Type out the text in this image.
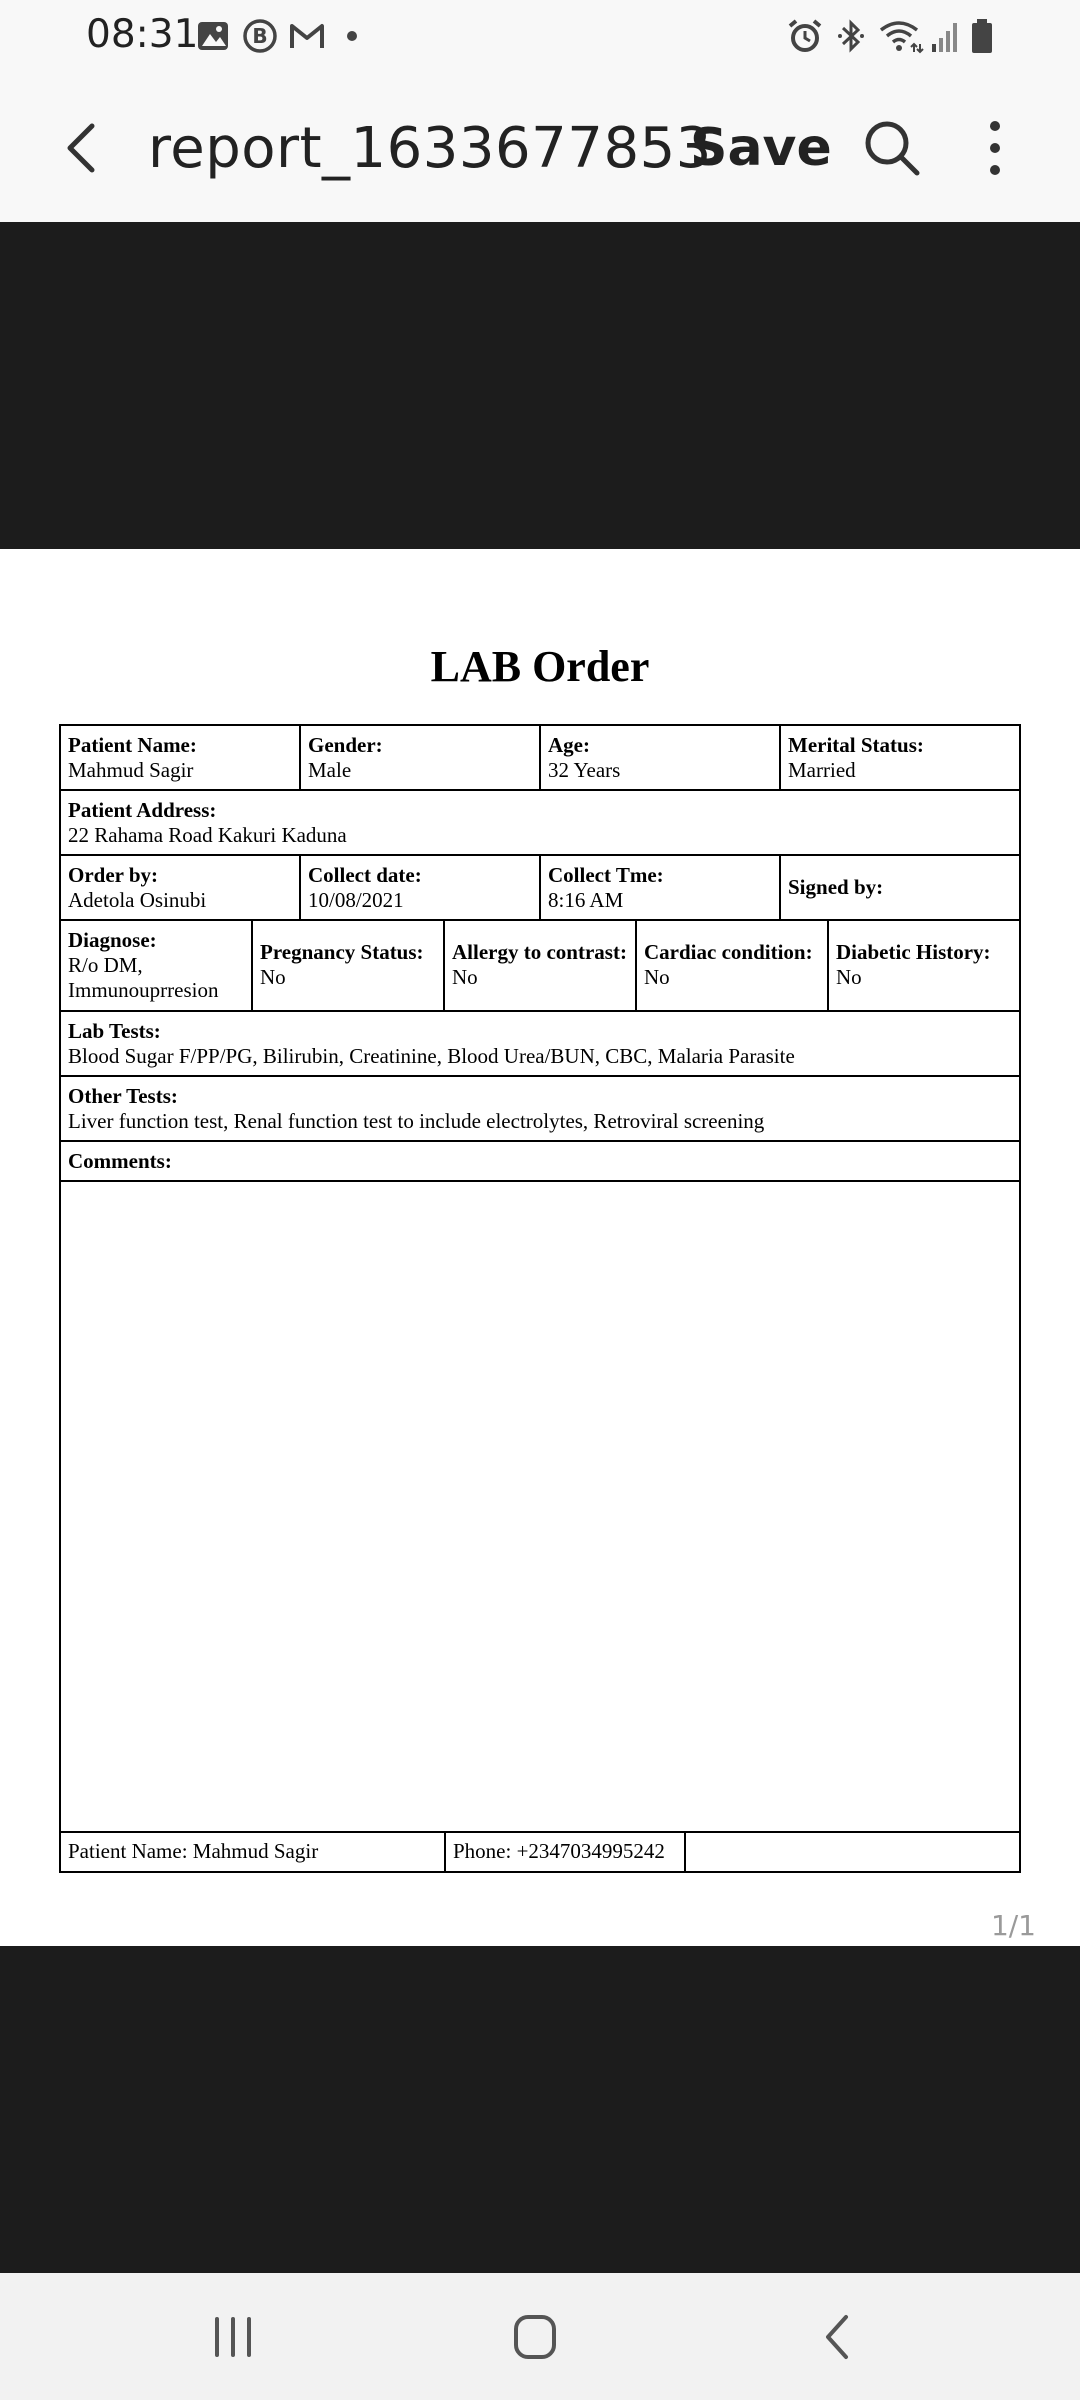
08:31	B
report_1633677853
Save
LAB Order
Patient Name:
Mahmud Sagir
Gender:
Male
Age:
32 Years
Merital Status:
Married
Patient Address:
22 Rahama Road Kakuri Kaduna
Order by:
Adetola Osinubi
Collect date:
10/08/2021
Collect Tme:
8:16 AM
Signed by:
Diagnose:
R/o DM,
Immunouprresion
Pregnancy Status:
No
Allergy to contrast:
No
Cardiac condition:
No
Diabetic History:
No
Lab Tests:
Blood Sugar F/PP/PG, Bilirubin, Creatinine, Blood Urea/BUN, CBC, Malaria Parasite
Other Tests:
Liver function test, Renal function test to include electrolytes, Retroviral screening
Comments:
Patient Name: Mahmud Sagir	Phone: +2347034995242
1/1
